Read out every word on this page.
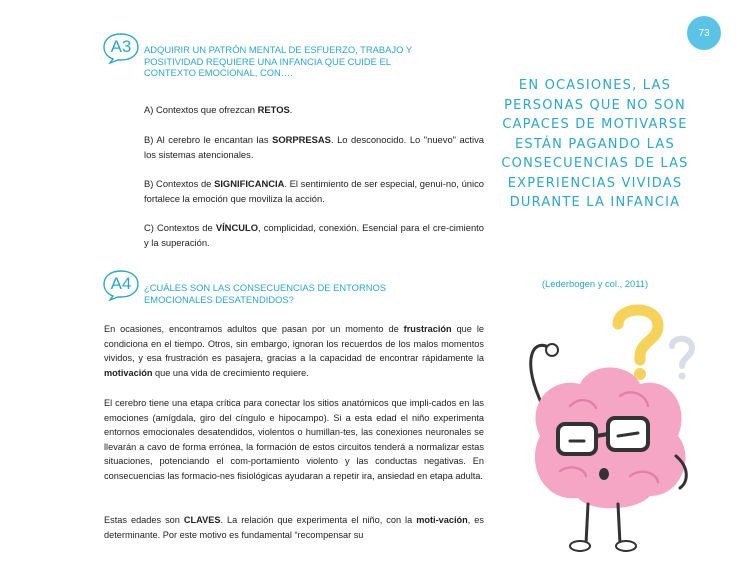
73
A3	ADQUIRIR UN PATRÓN MENTAL DE ESFUERZO, TRABAJO Y POSITIVIDAD REQUIERE UNA INFANCIA QUE CUIDE EL CONTEXTO EMOCIONAL, CON….
A) Contextos que ofrezcan RETOS.
B) Al cerebro le encantan las SORPRESAS. Lo desconocido. Lo "nuevo" activa los sistemas atencionales.
B) Contextos de SIGNIFICANCIA. El sentimiento de ser especial, genui-no, único fortalece la emoción que moviliza la acción.
C) Contextos de VÍNCULO, complicidad, conexión. Esencial para el cre-cimiento y la superación.
A4	¿CUÁLES SON LAS CONSECUENCIAS DE ENTORNOS EMOCIONALES DESATENDIDOS?
En ocasiones, encontramos adultos que pasan por un momento de frustración que le condiciona en el tiempo. Otros, sin embargo, ignoran los recuerdos de los malos momentos vividos, y esa frustración es pasajera, gracias a la capacidad de encontrar rápidamente la motivación que una vida de crecimiento requiere.
El cerebro tiene una etapa crítica para conectar los sitios anatómicos que impli-cados en las emociones (amígdala, giro del cíngulo e hipocampo). Si a esta edad el niño experimenta entornos emocionales desatendidos, violentos o humillan-tes, las conexiones neuronales se llevarán a cavo de forma errónea, la formación de estos circuitos tenderá a normalizar estas situaciones, potenciando el com-portamiento violento y las conductas negativas. En consecuencias las formacio-nes fisiológicas ayudaran a repetir ira, ansiedad en etapa adulta.
Estas edades son CLAVES. La relación que experimenta el niño, con la moti-vación, es determinante. Por este motivo es fundamental “recompensar su
EN OCASIONES, LAS PERSONAS QUE NO SON CAPACES DE MOTIVARSE ESTÁN PAGANDO LAS CONSECUENCIAS DE LAS EXPERIENCIAS VIVIDAS DURANTE LA INFANCIA
(Lederbogen y col., 2011)
